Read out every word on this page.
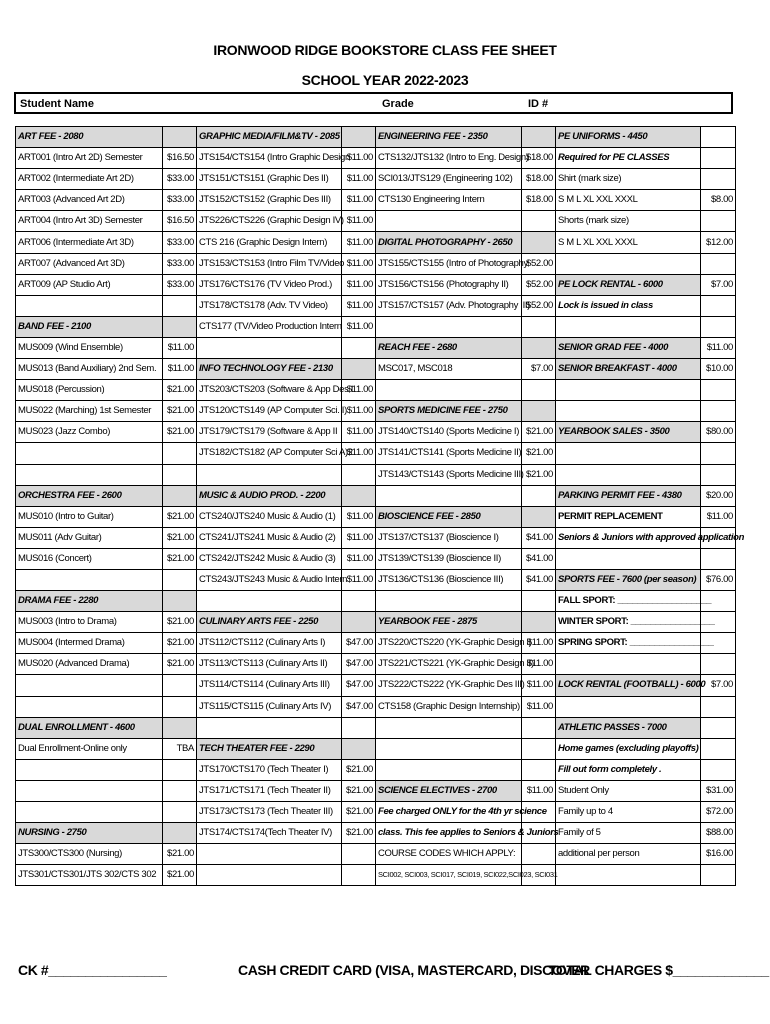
IRONWOOD RIDGE BOOKSTORE CLASS FEE SHEET
SCHOOL YEAR 2022-2023
Student Name	Grade	ID #
ART FEE - 2080		GRAPHIC MEDIA/FILM&TV - 2085		ENGINEERING FEE - 2350		PE UNIFORMS - 4450	
ART001 (Intro Art 2D) Semester	$16.50	JTS154/CTS154 (Intro Graphic Design	$11.00	CTS132/JTS132 (Intro to Eng. Design)	$18.00	Required for PE CLASSES	
ART002 (Intermediate Art 2D)	$33.00	JTS151/CTS151 (Graphic Des II)	$11.00	SCI013/JTS129 (Engineering 102)	$18.00	Shirt (mark size)	
ART003 (Advanced Art 2D)	$33.00	JTS152/CTS152 (Graphic Des III)	$11.00	CTS130 Engineering Intern	$18.00	S M L XL XXL XXXL	$8.00
ART004 (Intro Art 3D) Semester	$16.50	JTS226/CTS226 (Graphic Design IV)	$11.00			Shorts (mark size)	
ART006 (Intermediate Art 3D)	$33.00	CTS 216 (Graphic Design Intern)	$11.00	DIGITAL PHOTOGRAPHY - 2650		S M L XL XXL XXXL	$12.00
ART007 (Advanced Art 3D)	$33.00	JTS153/CTS153 (Intro Film TV/Video	$11.00	JTS155/CTS155 (Intro of Photography	$52.00		
ART009 (AP Studio Art)	$33.00	JTS176/CTS176 (TV Video Prod.)	$11.00	JTS156/CTS156 (Photography II)	$52.00	PE LOCK RENTAL - 6000	$7.00
		JTS178/CTS178 (Adv. TV Video)	$11.00	JTS157/CTS157 (Adv. Photography III)	$52.00	Lock is issued in class	
BAND FEE - 2100		CTS177 (TV/Video Production Intern	$11.00				
MUS009 (Wind Ensemble)	$11.00			REACH FEE - 2680		SENIOR GRAD FEE - 4000	$11.00
MUS013 (Band Auxiliary) 2nd Sem.	$11.00	INFO TECHNOLOGY FEE - 2130		MSC017, MSC018	$7.00	SENIOR BREAKFAST - 4000	$10.00
MUS018 (Percussion)	$21.00	JTS203/CTS203 (Software & App Des I	$11.00				
MUS022 (Marching) 1st Semester	$21.00	JTS120/CTS149 (AP Computer Sci. I)	$11.00	SPORTS MEDICINE FEE - 2750			
MUS023 (Jazz Combo)	$21.00	JTS179/CTS179 (Software & App II	$11.00	JTS140/CTS140 (Sports Medicine I)	$21.00	YEARBOOK SALES - 3500	$80.00
		JTS182/CTS182 (AP Computer Sci A)2	$11.00	JTS141/CTS141 (Sports Medicine II)	$21.00		
				JTS143/CTS143 (Sports Medicine III)	$21.00		
ORCHESTRA FEE - 2600		MUSIC & AUDIO PROD. - 2200				PARKING PERMIT FEE - 4380	$20.00
MUS010 (Intro to Guitar)	$21.00	CTS240/JTS240 Music & Audio (1)	$11.00	BIOSCIENCE FEE - 2850		PERMIT REPLACEMENT	$11.00
MUS011 (Adv Guitar)	$21.00	CTS241/JTS241 Music & Audio (2)	$11.00	JTS137/CTS137 (Bioscience I)	$41.00	Seniors & Juniors with approved application	
MUS016 (Concert)	$21.00	CTS242/JTS242 Music & Audio (3)	$11.00	JTS139/CTS139 (Bioscience II)	$41.00		
		CTS243/JTS243 Music & Audio Intern	$11.00	JTS136/CTS136 (Bioscience III)	$41.00	SPORTS FEE - 7600 (per season)	$76.00
DRAMA FEE - 2280						FALL SPORT: ___________________	
MUS003 (Intro to Drama)	$21.00	CULINARY ARTS FEE - 2250		YEARBOOK FEE - 2875		WINTER SPORT: _________________	
MUS004 (Intermed Drama)	$21.00	JTS112/CTS112 (Culinary Arts I)	$47.00	JTS220/CTS220 (YK-Graphic Design I)	$11.00	SPRING SPORT: _________________	
MUS020 (Advanced Drama)	$21.00	JTS113/CTS113 (Culinary Arts II)	$47.00	JTS221/CTS221 (YK-Graphic Design II)	$11.00		
		JTS114/CTS114 (Culinary Arts III)	$47.00	JTS222/CTS222 (YK-Graphic Des III)	$11.00	LOCK RENTAL (FOOTBALL) - 6000	$7.00
		JTS115/CTS115 (Culinary Arts IV)	$47.00	CTS158 (Graphic Design Internship)	$11.00		
DUAL ENROLLMENT - 4600						ATHLETIC PASSES - 7000	
Dual Enrollment-Online only	TBA	TECH THEATER FEE - 2290				Home games (excluding playoffs)	
		JTS170/CTS170 (Tech Theater I)	$21.00			Fill out form completely .	
		JTS171/CTS171 (Tech Theater II)	$21.00	SCIENCE ELECTIVES - 2700	$11.00	Student Only	$31.00
		JTS173/CTS173 (Tech Theater III)	$21.00	Fee charged ONLY for the 4th yr science		Family up to 4	$72.00
NURSING - 2750		JTS174/CTS174(Tech Theater IV)	$21.00	class. This fee applies to Seniors & Juniors		Family of 5	$88.00
JTS300/CTS300 (Nursing)	$21.00			COURSE CODES WHICH APPLY:		additional per person	$16.00
JTS301/CTS301/JTS 302/CTS 302	$21.00			SCI002, SCI003, SCI017, SCI019, SCI022,SCI023, SCI031			
CK #________________	CASH CREDIT CARD (VISA, MASTERCARD, DISCOVER
TOTAL CHARGES $_____________
